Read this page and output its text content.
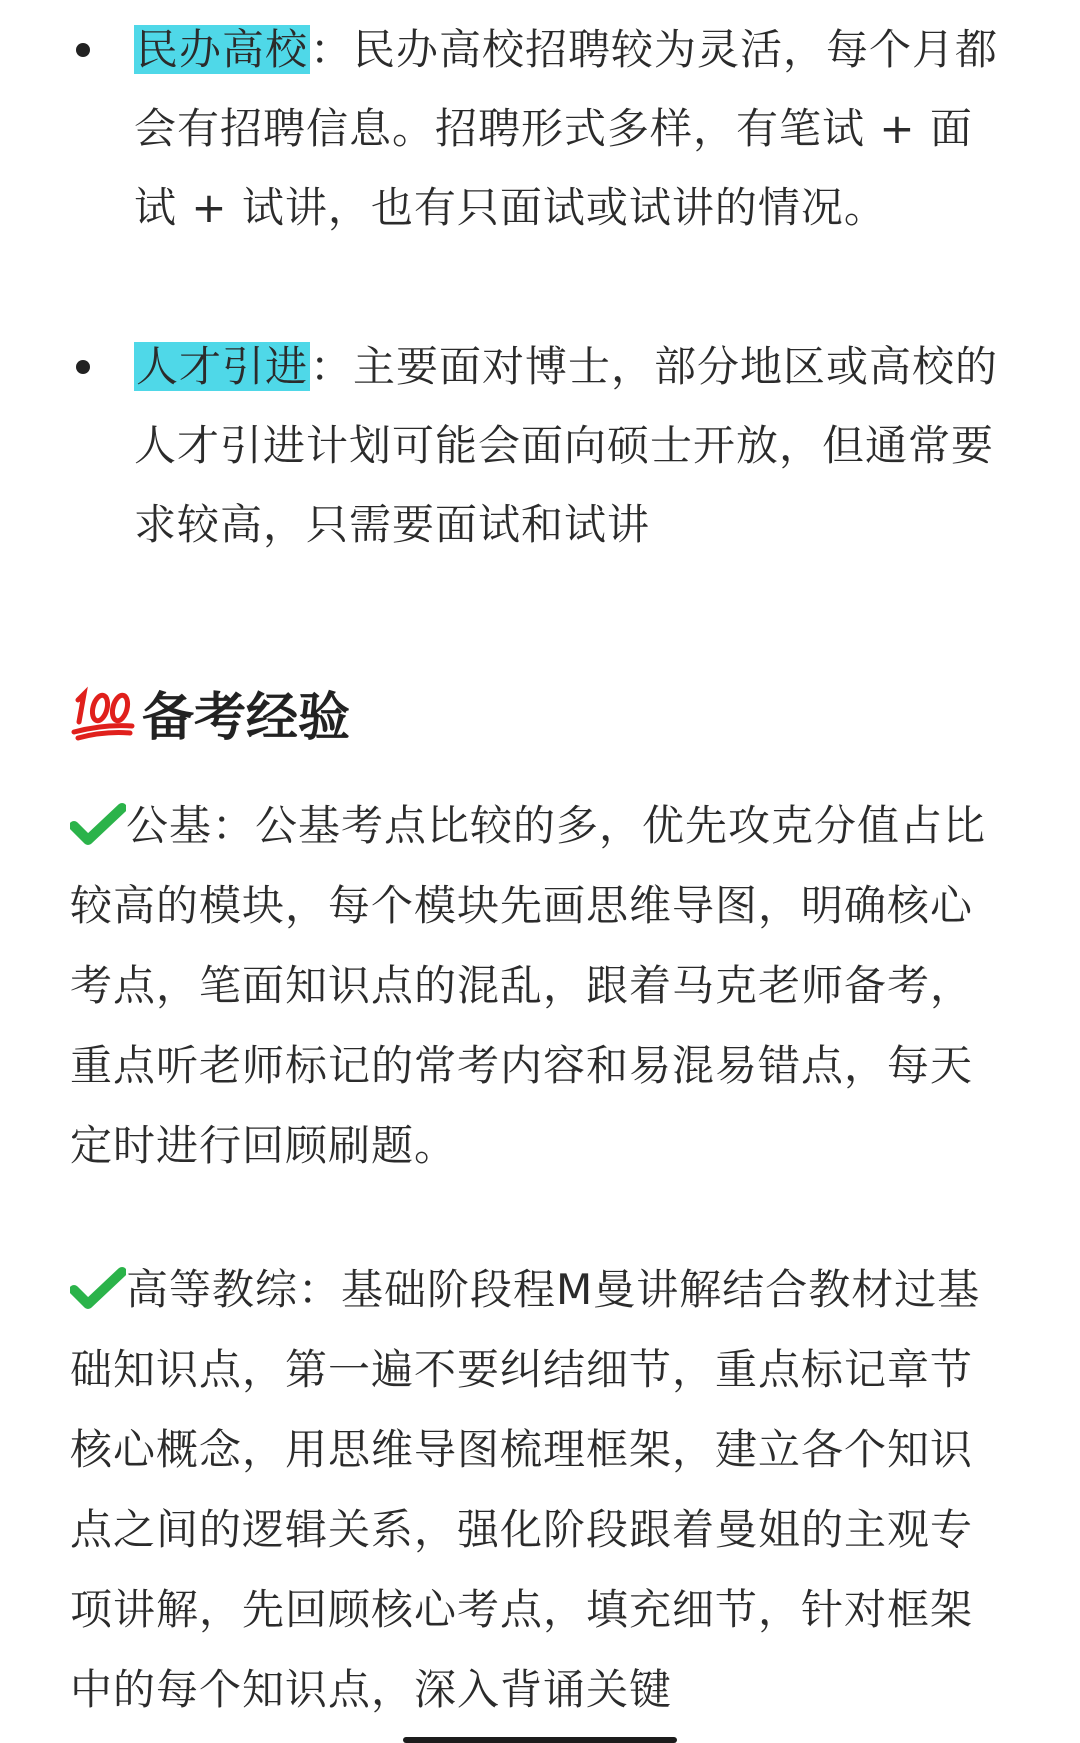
民办高校：民办高校招聘较为灵活，每个月都会有招聘信息。招聘形式多样，有笔试 + 面试 + 试讲，也有只面试或试讲的情况。
人才引进：主要面对博士，部分地区或高校的人才引进计划可能会面向硕士开放，但通常要求较高，只需要面试和试讲
备考经验
公基：公基考点比较的多，优先攻克分值占比较高的模块，每个模块先画思维导图，明确核心考点，笔面知识点的混乱，跟着马克老师备考，重点听老师标记的常考内容和易混易错点，每天定时进行回顾刷题。
高等教综：基础阶段程M曼讲解结合教材过基础知识点，第一遍不要纠结细节，重点标记章节核心概念，用思维导图梳理框架，建立各个知识点之间的逻辑关系，强化阶段跟着曼姐的主观专项讲解，先回顾核心考点，填充细节，针对框架中的每个知识点，深入背诵关键
